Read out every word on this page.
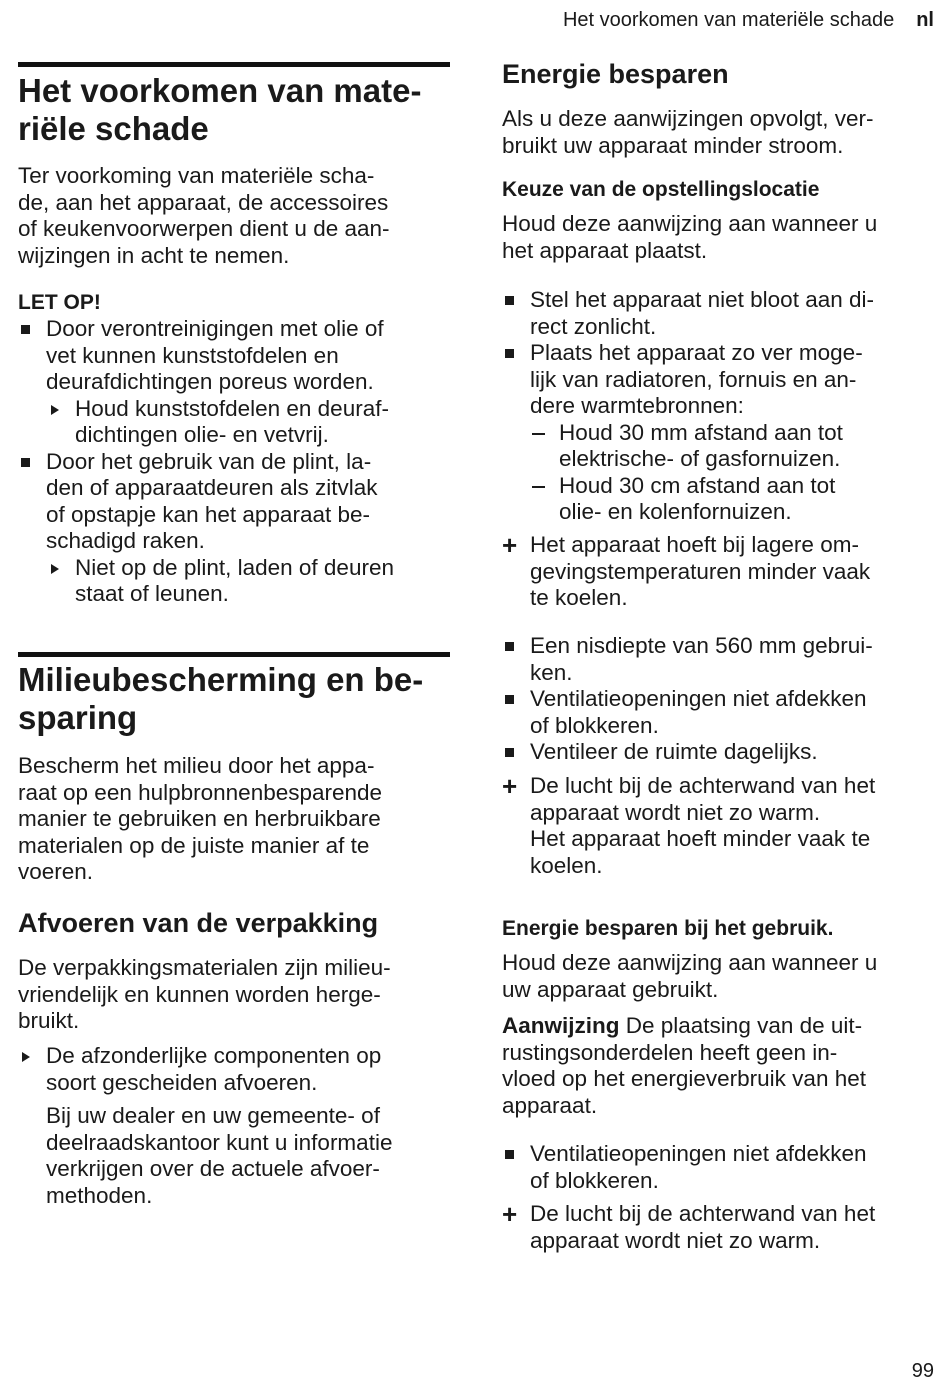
Het voorkomen van materiële schade nl
Het voorkomen van mate-
riële schade
Ter voorkoming van materiële scha-
de, aan het apparaat, de accessoires
of keukenvoorwerpen dient u de aan-
wijzingen in acht te nemen.
LET OP!
Door verontreinigingen met olie of
vet kunnen kunststofdelen en
deurafdichtingen poreus worden.
Houd kunststofdelen en deuraf-
dichtingen olie- en vetvrij.
Door het gebruik van de plint, la-
den of apparaatdeuren als zitvlak
of opstapje kan het apparaat be-
schadigd raken.
Niet op de plint, laden of deuren
staat of leunen.
Milieubescherming en be-
sparing
Bescherm het milieu door het appa-
raat op een hulpbronnenbesparende
manier te gebruiken en herbruikbare
materialen op de juiste manier af te
voeren.
Afvoeren van de verpakking
De verpakkingsmaterialen zijn milieu-
vriendelijk en kunnen worden herge-
bruikt.
De afzonderlijke componenten op
soort gescheiden afvoeren.
Bij uw dealer en uw gemeente- of
deelraadskantoor kunt u informatie
verkrijgen over de actuele afvoer-
methoden.
Energie besparen
Als u deze aanwijzingen opvolgt, ver-
bruikt uw apparaat minder stroom.
Keuze van de opstellingslocatie
Houd deze aanwijzing aan wanneer u
het apparaat plaatst.
Stel het apparaat niet bloot aan di-
rect zonlicht.
Plaats het apparaat zo ver moge-
lijk van radiatoren, fornuis en an-
dere warmtebronnen:
Houd 30 mm afstand aan tot
elektrische- of gasfornuizen.
Houd 30 cm afstand aan tot
olie- en kolenfornuizen.
+ Het apparaat hoeft bij lagere om-
gevingstemperaturen minder vaak
te koelen.
Een nisdiepte van 560 mm gebrui-
ken.
Ventilatieopeningen niet afdekken
of blokkeren.
Ventileer de ruimte dagelijks.
+ De lucht bij de achterwand van het
apparaat wordt niet zo warm.
Het apparaat hoeft minder vaak te
koelen.
Energie besparen bij het gebruik.
Houd deze aanwijzing aan wanneer u
uw apparaat gebruikt.
Aanwijzing De plaatsing van de uit-
rustingsonderdelen heeft geen in-
vloed op het energieverbruik van het
apparaat.
Ventilatieopeningen niet afdekken
of blokkeren.
+ De lucht bij de achterwand van het
apparaat wordt niet zo warm.
99
